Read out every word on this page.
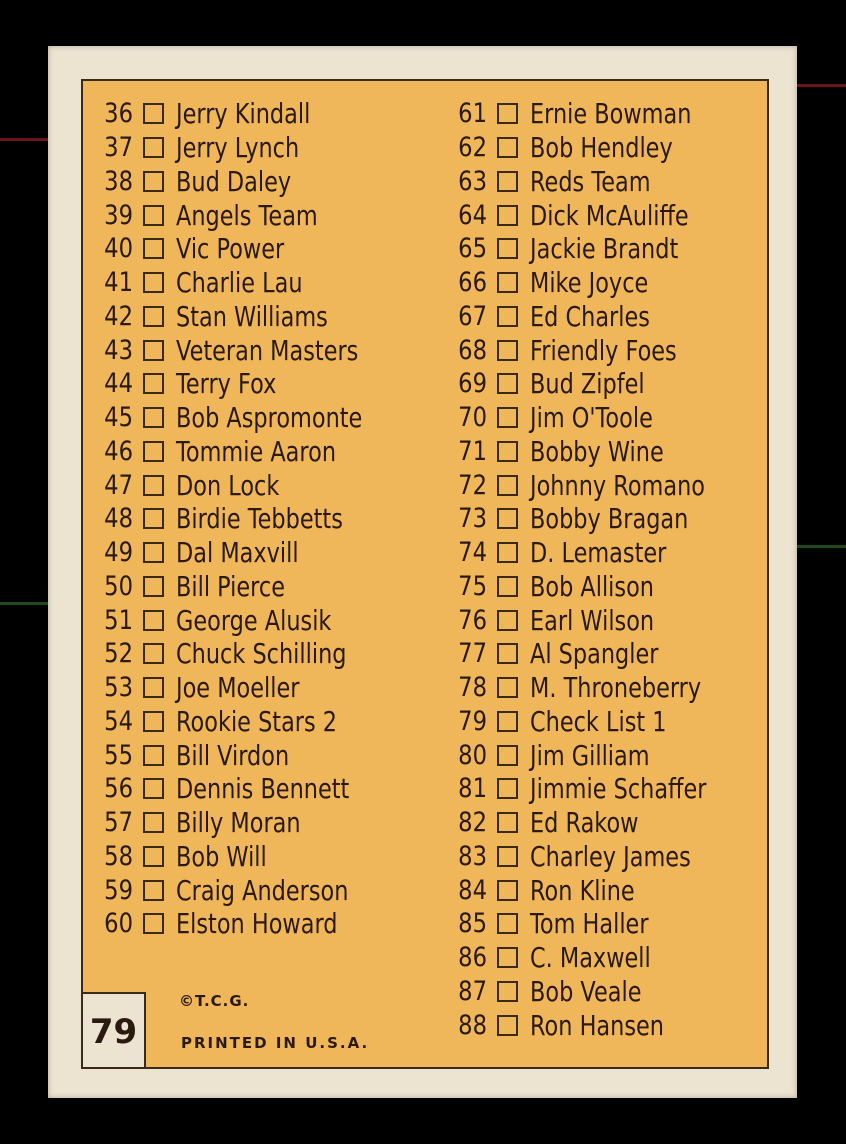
36 Jerry Kindall
37 Jerry Lynch
38 Bud Daley
39 Angels Team
40 Vic Power
41 Charlie Lau
42 Stan Williams
43 Veteran Masters
44 Terry Fox
45 Bob Aspromonte
46 Tommie Aaron
47 Don Lock
48 Birdie Tebbetts
49 Dal Maxvill
50 Bill Pierce
51 George Alusik
52 Chuck Schilling
53 Joe Moeller
54 Rookie Stars 2
55 Bill Virdon
56 Dennis Bennett
57 Billy Moran
58 Bob Will
59 Craig Anderson
60 Elston Howard
61 Ernie Bowman
62 Bob Hendley
63 Reds Team
64 Dick McAuliffe
65 Jackie Brandt
66 Mike Joyce
67 Ed Charles
68 Friendly Foes
69 Bud Zipfel
70 Jim O'Toole
71 Bobby Wine
72 Johnny Romano
73 Bobby Bragan
74 D. Lemaster
75 Bob Allison
76 Earl Wilson
77 Al Spangler
78 M. Throneberry
79 Check List 1
80 Jim Gilliam
81 Jimmie Schaffer
82 Ed Rakow
83 Charley James
84 Ron Kline
85 Tom Haller
86 C. Maxwell
87 Bob Veale
88 Ron Hansen
©T.C.G.
PRINTED IN U.S.A.
79
